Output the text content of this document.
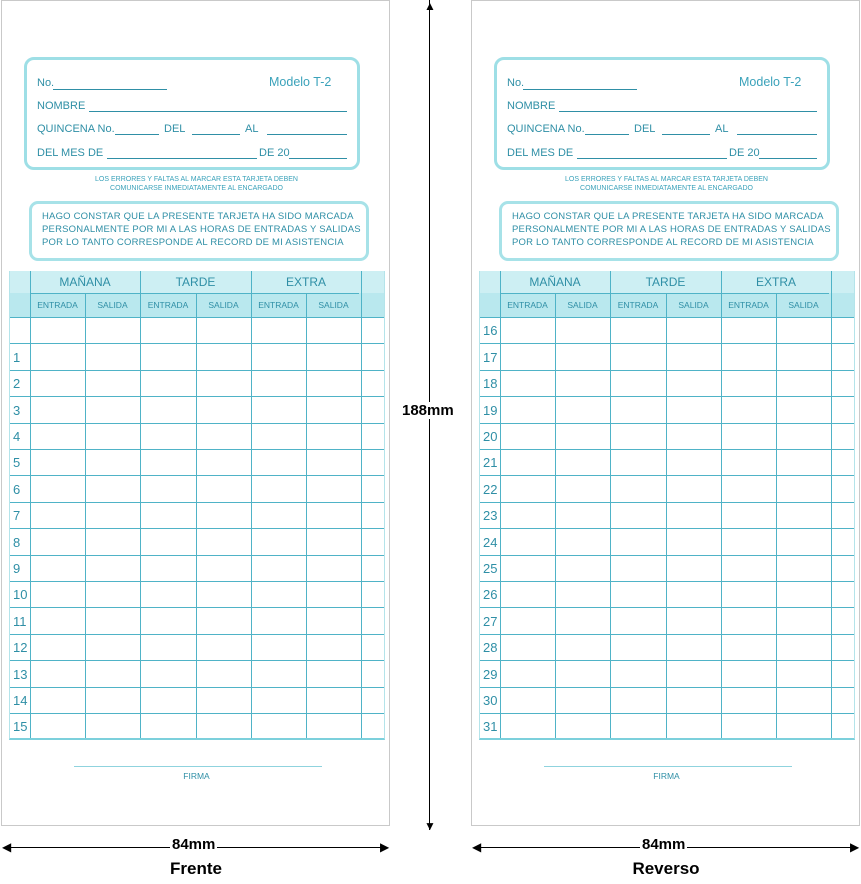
No.	Modelo T-2
NOMBRE
QUINCENA No.	DEL	AL
DEL MES DE	DE 20
LOS ERRORES Y FALTAS AL MARCAR ESTA TARJETA DEBEN
COMUNICARSE INMEDIATAMENTE AL ENCARGADO
HAGO CONSTAR QUE LA PRESENTE TARJETA HA SIDO MARCADA
PERSONALMENTE POR MI A LAS HORAS DE ENTRADAS Y SALIDAS
POR LO TANTO CORRESPONDE AL RECORD DE MI ASISTENCIA
MAÑANA	TARDE	EXTRA
ENTRADA	SALIDA	ENTRADA	SALIDA	ENTRADA	SALIDA
1
2
3
4
5
6
7
8
9
10
11
12
13
14
15
FIRMA
No.	Modelo T-2
NOMBRE
QUINCENA No.	DEL	AL
DEL MES DE	DE 20
LOS ERRORES Y FALTAS AL MARCAR ESTA TARJETA DEBEN
COMUNICARSE INMEDIATAMENTE AL ENCARGADO
HAGO CONSTAR QUE LA PRESENTE TARJETA HA SIDO MARCADA
PERSONALMENTE POR MI A LAS HORAS DE ENTRADAS Y SALIDAS
POR LO TANTO CORRESPONDE AL RECORD DE MI ASISTENCIA
MAÑANA	TARDE	EXTRA
ENTRADA	SALIDA	ENTRADA	SALIDA	ENTRADA	SALIDA
16
17
18
19
20
21
22
23
24
25
26
27
28
29
30
31
FIRMA
▲
▼
188mm
◀	▶
84mm
Frente
◀	▶
84mm
Reverso
